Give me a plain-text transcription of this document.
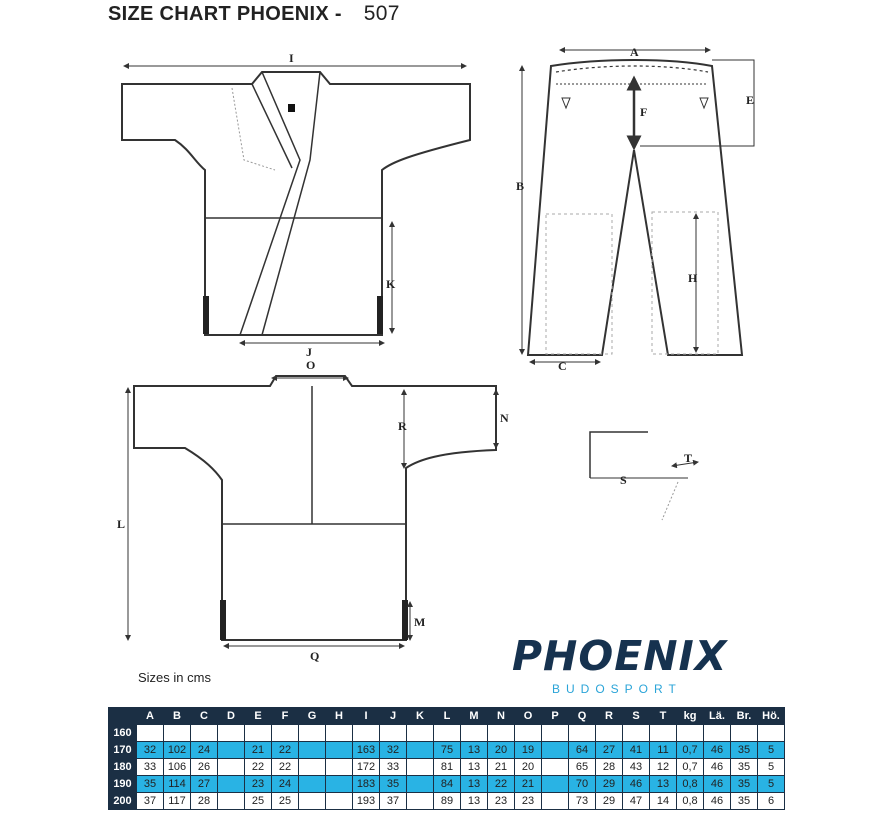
SIZE CHART PHOENIX - 507
I
J
K
O
N
R
L
M
Q
A
E
F
B
H
C
S
T
Sizes in cms	PHOENIX
BUDOSPORT
	A	B	C	D	E	F	G	H	I	J	K	L	M	N	O	P	Q	R	S	T	kg	Lä.	Br.	Hö.
160																								
170	32	102	24		21	22			163	32		75	13	20	19		64	27	41	11	0,7	46	35	5
180	33	106	26		22	22			172	33		81	13	21	20		65	28	43	12	0,7	46	35	5
190	35	114	27		23	24			183	35		84	13	22	21		70	29	46	13	0,8	46	35	5
200	37	117	28		25	25			193	37		89	13	23	23		73	29	47	14	0,8	46	35	6
